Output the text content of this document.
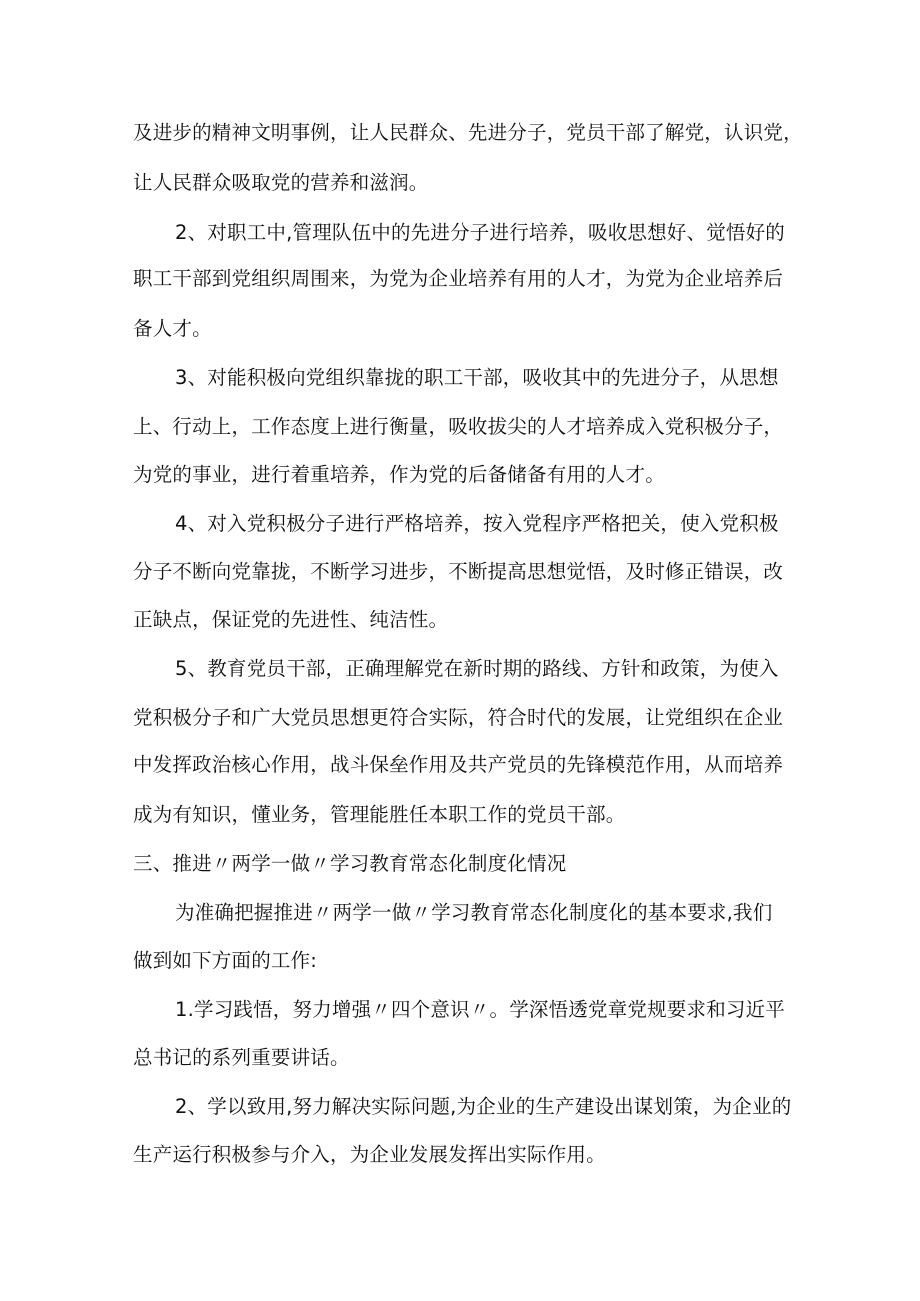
及进步的精神文明事例，让人民群众、先进分子，党员干部了解党，认识党，
让人民群众吸取党的营养和滋润。
2、对职工中,管理队伍中的先进分子进行培养，吸收思想好、觉悟好的
职工干部到党组织周围来，为党为企业培养有用的人才，为党为企业培养后
备人才。
3、对能积极向党组织靠拢的职工干部，吸收其中的先进分子，从思想
上、行动上，工作态度上进行衡量，吸收拔尖的人才培养成入党积极分子，
为党的事业，进行着重培养，作为党的后备储备有用的人才。
4、对入党积极分子进行严格培养，按入党程序严格把关，使入党积极
分子不断向党靠拢，不断学习进步，不断提高思想觉悟，及时修正错误，改
正缺点，保证党的先进性、纯洁性。
5、教育党员干部，正确理解党在新时期的路线、方针和政策，为使入
党积极分子和广大党员思想更符合实际，符合时代的发展，让党组织在企业
中发挥政治核心作用，战斗保垒作用及共产党员的先锋模范作用，从而培养
成为有知识，懂业务，管理能胜任本职工作的党员干部。
三、推进〃两学一做〃学习教育常态化制度化情况
为准确把握推进〃两学一做〃学习教育常态化制度化的基本要求,我们
做到如下方面的工作:
1.学习践悟，努力增强〃四个意识〃。学深悟透党章党规要求和习近平
总书记的系列重要讲话。
2、学以致用,努力解决实际问题,为企业的生产建设出谋划策，为企业的
生产运行积极参与介入，为企业发展发挥出实际作用。
